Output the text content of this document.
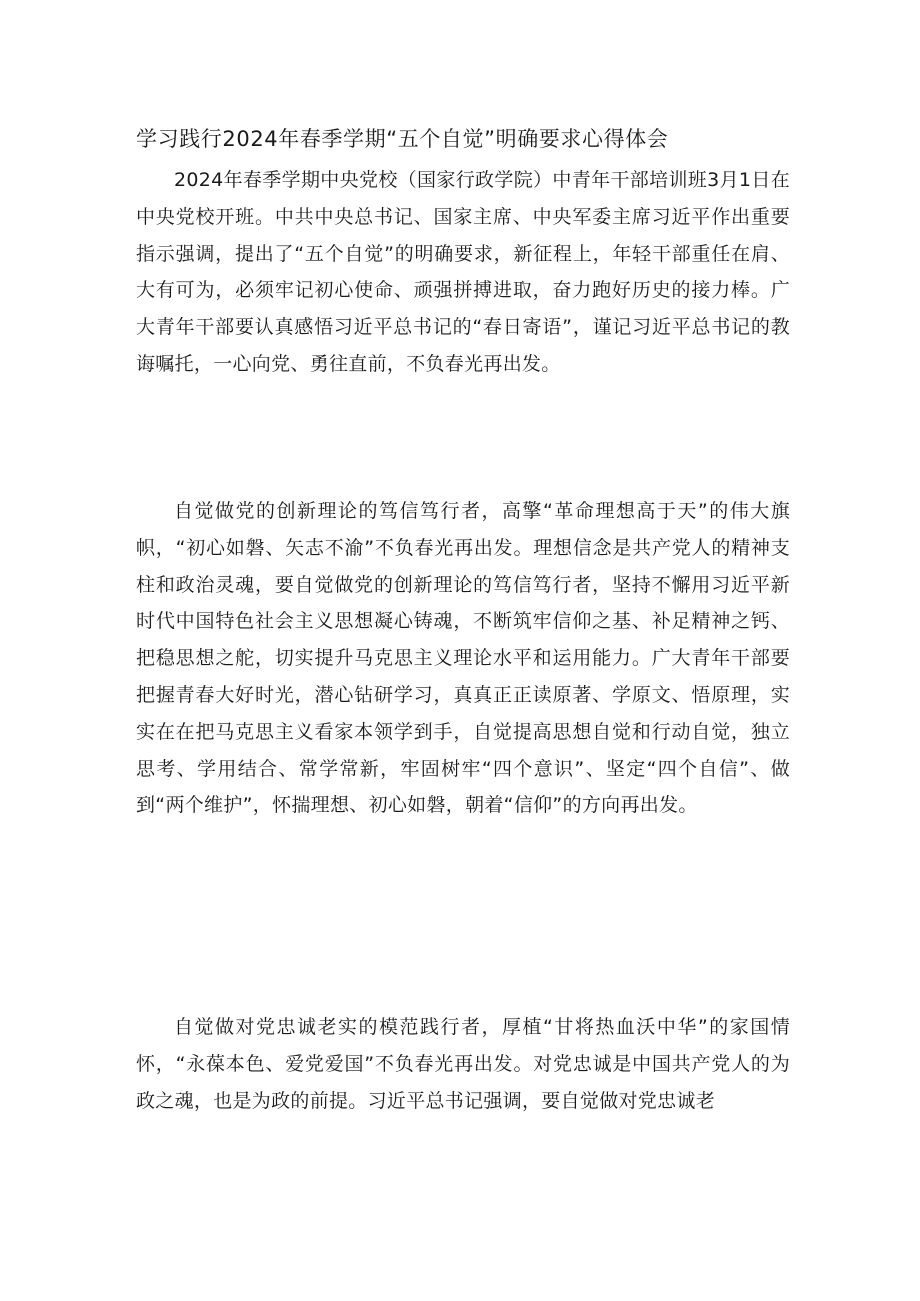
学习践行2024年春季学期“五个自觉”明确要求心得体会

2024年春季学期中央党校（国家行政学院）中青年干部培训班3月1日在中央党校开班。中共中央总书记、国家主席、中央军委主席习近平作出重要指示强调，提出了“五个自觉”的明确要求，新征程上，年轻干部重任在肩、大有可为，必须牢记初心使命、顽强拼搏进取，奋力跑好历史的接力棒。广大青年干部要认真感悟习近平总书记的“春日寄语”，谨记习近平总书记的教诲嘱托，一心向党、勇往直前，不负春光再出发。

自觉做党的创新理论的笃信笃行者，高擎“革命理想高于天”的伟大旗帜，“初心如磐、矢志不渝”不负春光再出发。理想信念是共产党人的精神支柱和政治灵魂，要自觉做党的创新理论的笃信笃行者，坚持不懈用习近平新时代中国特色社会主义思想凝心铸魂，不断筑牢信仰之基、补足精神之钙、把稳思想之舵，切实提升马克思主义理论水平和运用能力。广大青年干部要把握青春大好时光，潜心钻研学习，真真正正读原著、学原文、悟原理，实实在在把马克思主义看家本领学到手，自觉提高思想自觉和行动自觉，独立思考、学用结合、常学常新，牢固树牢“四个意识”、坚定“四个自信”、做到“两个维护”，怀揣理想、初心如磐，朝着“信仰”的方向再出发。

自觉做对党忠诚老实的模范践行者，厚植“甘将热血沃中华”的家国情怀，“永葆本色、爱党爱国”不负春光再出发。对党忠诚是中国共产党人的为政之魂，也是为政的前提。习近平总书记强调，要自觉做对党忠诚老
